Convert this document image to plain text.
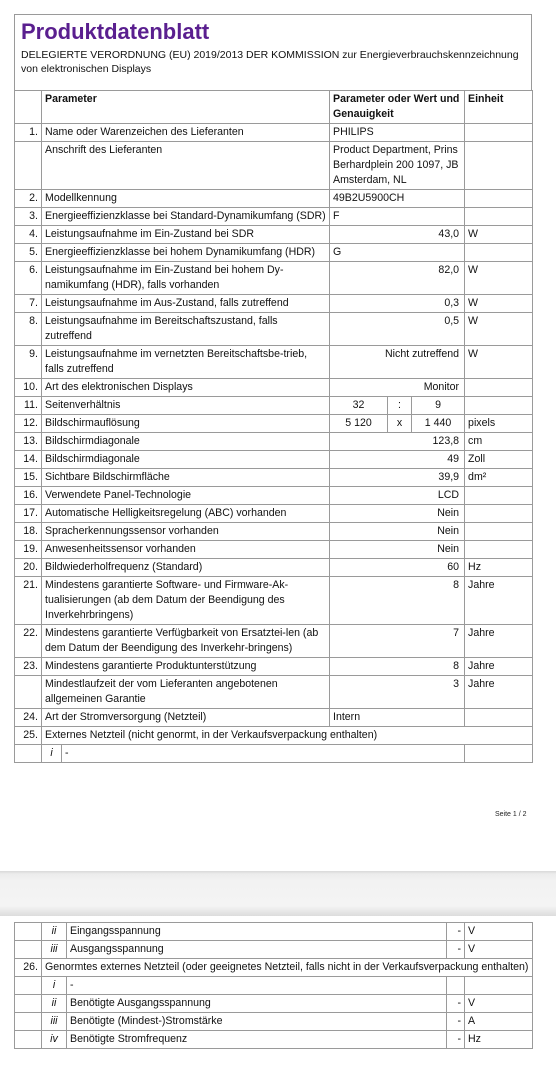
Produktdatenblatt
DELEGIERTE VERORDNUNG (EU) 2019/2013 DER KOMMISSION zur Energieverbrauchskennzeichnung von elektronischen Displays
	Parameter		Parameter oder Wert und Genauigkeit			Einheit
1.	Name oder Warenzeichen des Lieferanten		PHILIPS			
	Anschrift des Lieferanten		Product Department, Prins Berhardplein 200 1097, JB Amsterdam, NL			
2.	Modellkennung		49B2U5900CH			
3.	Energieeffizienzklasse bei Standard-Dynamikumfang (SDR)		F			
4.	Leistungsaufnahme im Ein-Zustand bei SDR		43,0			W
5.	Energieeffizienzklasse bei hohem Dynamikumfang (HDR)		G			
6.	Leistungsaufnahme im Ein-Zustand bei hohem Dy-namikumfang (HDR), falls vorhanden		82,0			W
7.	Leistungsaufnahme im Aus-Zustand, falls zutreffend		0,3			W
8.	Leistungsaufnahme im Bereitschaftszustand, falls zutreffend		0,5			W
9.	Leistungsaufnahme im vernetzten Bereitschaftsbe-trieb, falls zutreffend		Nicht zutreffend			W
10.	Art des elektronischen Displays		Monitor			
11.	Seitenverhältnis		32	:	9	
12.	Bildschirmauflösung		5 120	x	1 440	pixels
13.	Bildschirmdiagonale		123,8			cm
14.	Bildschirmdiagonale		49			Zoll
15.	Sichtbare Bildschirmfläche		39,9			dm²
16.	Verwendete Panel-Technologie		LCD			
17.	Automatische Helligkeitsregelung (ABC) vorhanden		Nein			
18.	Spracherkennungssensor vorhanden		Nein			
19.	Anwesenheitssensor vorhanden		Nein			
20.	Bildwiederholfrequenz (Standard)		60			Hz
21.	Mindestens garantierte Software- und Firmware-Ak-tualisierungen (ab dem Datum der Beendigung des Inverkehrbringens)		8			Jahre
22.	Mindestens garantierte Verfügbarkeit von Ersatztei-len (ab dem Datum der Beendigung des Inverkehr-bringens)		7			Jahre
23.	Mindestens garantierte Produktunterstützung		8			Jahre
	Mindestlaufzeit der vom Lieferanten angebotenen allgemeinen Garantie		3			Jahre
24.	Art der Stromversorgung (Netzteil)		Intern			
25.	Externes Netzteil (nicht genormt, in der Verkaufsverpackung enthalten)					
	i	-				
Seite 1 / 2
	ii	Eingangsspannung	-	V
	iii	Ausgangsspannung	-	V
26.	Genormtes externes Netzteil (oder geeignetes Netzteil, falls nicht in der Verkaufsverpackung enthalten)			
	i	-		
	ii	Benötigte Ausgangsspannung	-	V
	iii	Benötigte (Mindest-)Stromstärke	-	A
	iv	Benötigte Stromfrequenz	-	Hz
